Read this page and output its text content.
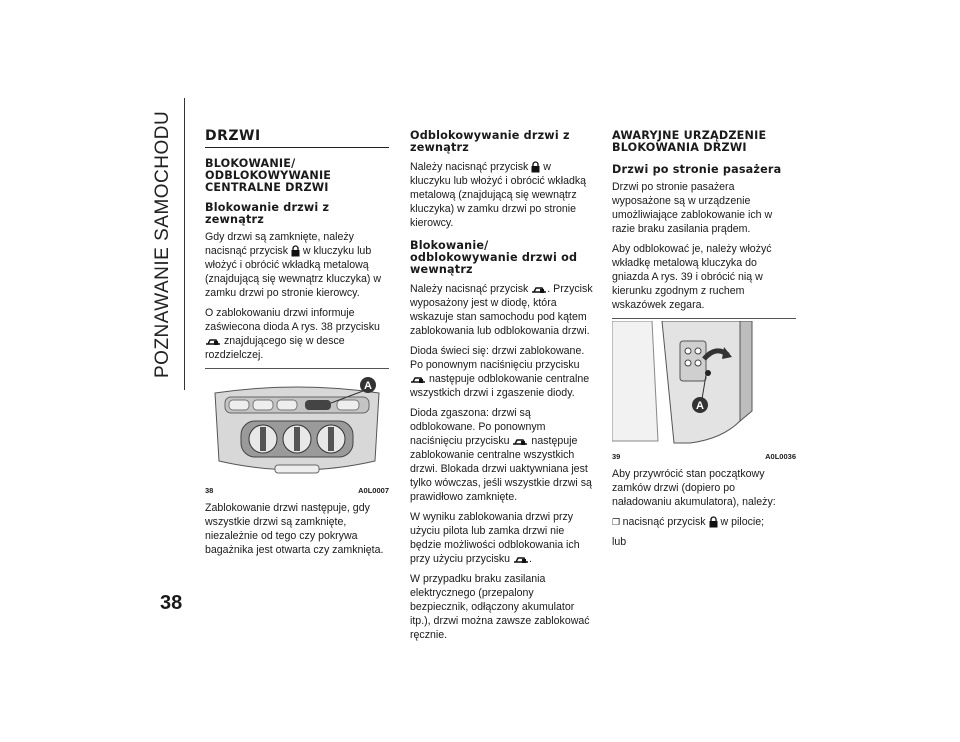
POZNAWANIE SAMOCHODU
38
DRZWI
BLOKOWANIE/ ODBLOKOWYWANIE CENTRALNE DRZWI
Blokowanie drzwi z zewnątrz

Gdy drzwi są zamknięte, należy nacisnąć przycisk w kluczyku lub włożyć i obrócić wkładką metalową (znajdującą się wewnątrz kluczyka) w zamku drzwi po stronie kierowcy.

O zablokowaniu drzwi informuje zaświecona dioda A rys. 38 przycisku  znajdującego się w desce rozdzielczej.

A
38	A0L0007

Zablokowanie drzwi następuje, gdy wszystkie drzwi są zamknięte, niezależnie od tego czy pokrywa bagażnika jest otwarta czy zamknięta.

Odblokowywanie drzwi z zewnątrz

Należy nacisnąć przycisk w kluczyku lub włożyć i obrócić wkładką metalową (znajdującą się wewnątrz kluczyka) w zamku drzwi po stronie kierowcy.

Blokowanie/ odblokowywanie drzwi od wewnątrz

Należy nacisnąć przycisk . Przycisk wyposażony jest w diodę, która wskazuje stan samochodu pod kątem zablokowania lub odblokowania drzwi.

Dioda świeci się: drzwi zablokowane. Po ponownym naciśnięciu przycisku  następuje odblokowanie centralne wszystkich drzwi i zgaszenie diody.

Dioda zgaszona: drzwi są odblokowane. Po ponownym naciśnięciu przycisku następuje zablokowanie centralne wszystkich drzwi. Blokada drzwi uaktywniana jest tylko wówczas, jeśli wszystkie drzwi są prawidłowo zamknięte.

W wyniku zablokowania drzwi przy użyciu pilota lub zamka drzwi nie będzie możliwości odblokowania ich przy użyciu przycisku .

W przypadku braku zasilania elektrycznego (przepalony bezpiecznik, odłączony akumulator itp.), drzwi można zawsze zablokować ręcznie.

AWARYJNE URZĄDZENIE BLOKOWANIA DRZWI
Drzwi po stronie pasażera

Drzwi po stronie pasażera wyposażone są w urządzenie umożliwiające zablokowanie ich w razie braku zasilania prądem.

Aby odblokować je, należy włożyć wkładkę metalową kluczyka do gniazda A rys. 39 i obrócić nią w kierunku zgodnym z ruchem wskazówek zegara.

A
39	A0L0036

Aby przywrócić stan początkowy zamków drzwi (dopiero po naładowaniu akumulatora), należy:

❐ nacisnąć przycisk w pilocie;

lub
